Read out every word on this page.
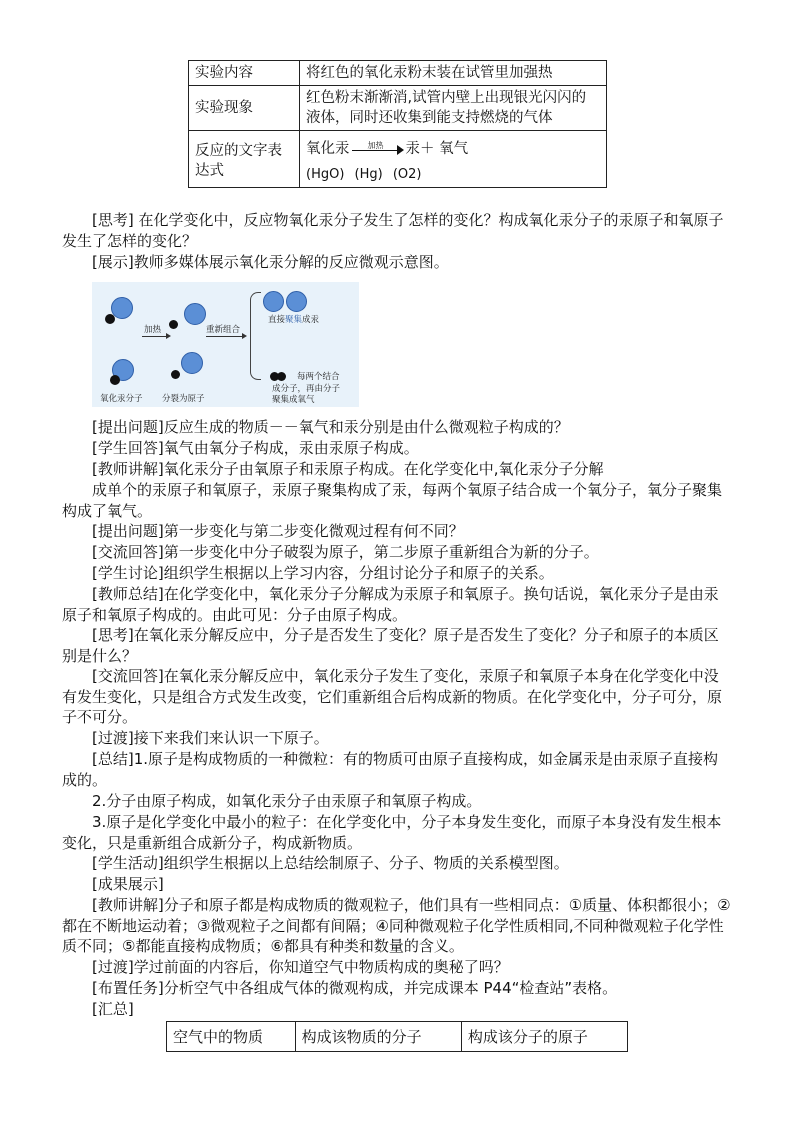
实验内容	将红色的氧化汞粉末装在试管里加强热
实验现象	红色粉末渐渐消,试管内壁上出现银光闪闪的液体，同时还收集到能支持燃烧的气体
反应的文字表达式	氧化汞 加热 汞＋ 氧气
(HgO) (Hg) (O2)
[思考] 在化学变化中，反应物氧化汞分子发生了怎样的变化？构成氧化汞分子的汞原子和氧原子发生了怎样的变化？
[展示]教师多媒体展示氧化汞分解的反应微观示意图。
加热	重新组合
直接聚集成汞
每两个结合
成分子，再由分子
聚集成氧气
氧化汞分子 分裂为原子
[提出问题]反应生成的物质－－氧气和汞分别是由什么微观粒子构成的？
[学生回答]氧气由氧分子构成，汞由汞原子构成。
[教师讲解]氧化汞分子由氧原子和汞原子构成。在化学变化中,氧化汞分子分解
成单个的汞原子和氧原子，汞原子聚集构成了汞，每两个氧原子结合成一个氧分子，氧分子聚集构成了氧气。
[提出问题]第一步变化与第二步变化微观过程有何不同？
[交流回答]第一步变化中分子破裂为原子，第二步原子重新组合为新的分子。
[学生讨论]组织学生根据以上学习内容，分组讨论分子和原子的关系。
[教师总结]在化学变化中，氧化汞分子分解成为汞原子和氧原子。换句话说，氧化汞分子是由汞原子和氧原子构成的。由此可见：分子由原子构成。
[思考]在氧化汞分解反应中，分子是否发生了变化？原子是否发生了变化？分子和原子的本质区别是什么？
[交流回答]在氧化汞分解反应中，氧化汞分子发生了变化，汞原子和氧原子本身在化学变化中没有发生变化，只是组合方式发生改变，它们重新组合后构成新的物质。在化学变化中，分子可分，原子不可分。
[过渡]接下来我们来认识一下原子。
[总结]1.原子是构成物质的一种微粒：有的物质可由原子直接构成，如金属汞是由汞原子直接构成的。
2.分子由原子构成，如氧化汞分子由汞原子和氧原子构成。
3.原子是化学变化中最小的粒子：在化学变化中，分子本身发生变化，而原子本身没有发生根本变化，只是重新组合成新分子，构成新物质。
[学生活动]组织学生根据以上总结绘制原子、分子、物质的关系模型图。
[成果展示]
[教师讲解]分子和原子都是构成物质的微观粒子，他们具有一些相同点：①质量、体积都很小；②都在不断地运动着；③微观粒子之间都有间隔；④同种微观粒子化学性质相同,不同种微观粒子化学性质不同；⑤都能直接构成物质；⑥都具有种类和数量的含义。
[过渡]学过前面的内容后，你知道空气中物质构成的奥秘了吗？
[布置任务]分析空气中各组成气体的微观构成，并完成课本 P44“检查站”表格。
[汇总]
空气中的物质	构成该物质的分子	构成该分子的原子
